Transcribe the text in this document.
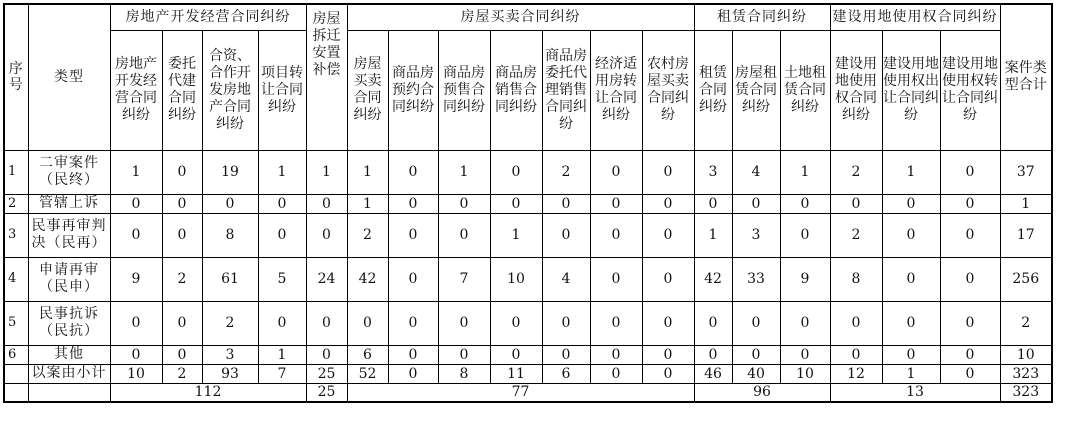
序号	类型	房地产开发经营合同纠纷				房屋拆迁安置补偿	房屋买卖合同纠纷							租赁合同纠纷			建设用地使用权合同纠纷			案件类型合计
		房地产开发经营合同纠纷	委托代建合同纠纷	合资、合作开发房地产合同纠纷	项目转让合同纠纷		房屋买卖合同纠纷	商品房预约合同纠纷	商品房预售合同纠纷	商品房销售合同纠纷	商品房委托代理销售合同纠纷	经济适用房转让合同纠纷	农村房屋买卖合同纠纷	租赁合同纠纷	房屋租赁合同纠纷	土地租赁合同纠纷	建设用地使用权合同纠纷	建设用地使用权出让合同纠纷	建设用地使用权转让合同纠纷	
1	二审案件（民终）	1	0	19	1	1	1	0	1	0	2	0	0	3	4	1	2	1	0	37
2	管辖上诉	0	0	0	0	0	1	0	0	0	0	0	0	0	0	0	0	0	0	1
3	民事再审判决（民再）	0	0	8	0	0	2	0	0	1	0	0	0	1	3	0	2	0	0	17
4	申请再审（民申）	9	2	61	5	24	42	0	7	10	4	0	0	42	33	9	8	0	0	256
5	民事抗诉（民抗）	0	0	2	0	0	0	0	0	0	0	0	0	0	0	0	0	0	0	2
6	其他	0	0	3	1	0	6	0	0	0	0	0	0	0	0	0	0	0	0	10
	以案由小计	10	2	93	7	25	52	0	8	11	6	0	0	46	40	10	12	1	0	323
		112				25	77							96			13			323
